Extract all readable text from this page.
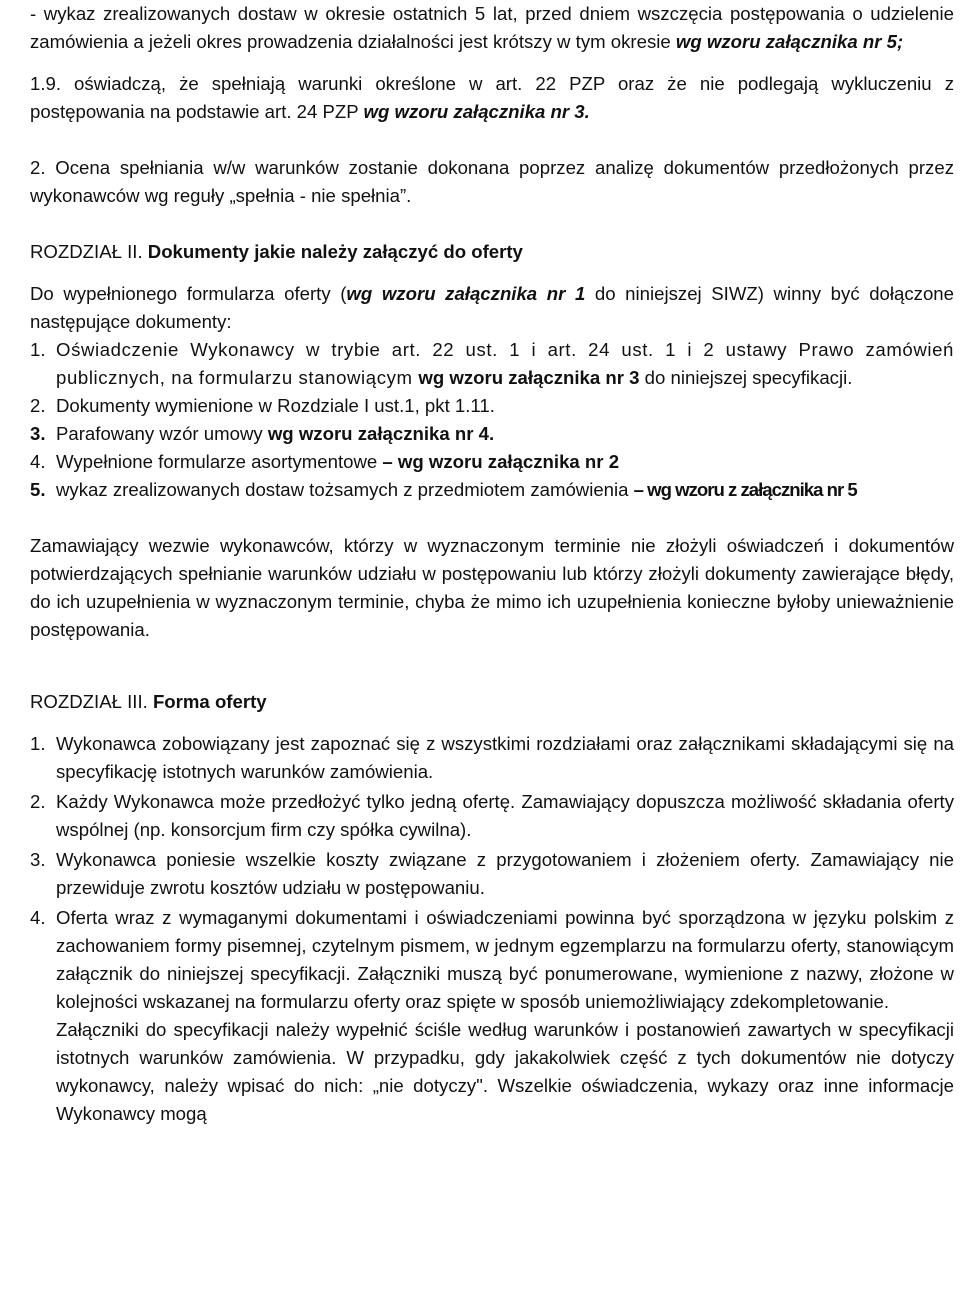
- wykaz zrealizowanych dostaw w okresie ostatnich 5 lat, przed dniem wszczęcia postępowania o udzielenie zamówienia a jeżeli okres prowadzenia działalności jest krótszy w tym okresie wg wzoru załącznika nr 5;

1.9. oświadczą, że spełniają warunki określone w art. 22 PZP oraz że nie podlegają wykluczeniu z postępowania na podstawie art. 24 PZP wg wzoru załącznika nr 3.

2. Ocena spełniania w/w warunków zostanie dokonana poprzez analizę dokumentów przedłożonych przez wykonawców wg reguły „spełnia - nie spełnia”.

ROZDZIAŁ II. Dokumenty jakie należy załączyć do oferty

Do wypełnionego formularza oferty (wg wzoru załącznika nr 1 do niniejszej SIWZ) winny być dołączone następujące dokumenty:

1. Oświadczenie Wykonawcy w trybie art. 22 ust. 1 i art. 24 ust. 1 i 2 ustawy Prawo zamówień publicznych, na formularzu stanowiącym wg wzoru załącznika nr 3 do niniejszej specyfikacji.
2. Dokumenty wymienione w Rozdziale I ust.1, pkt 1.11.
3. Parafowany wzór umowy wg wzoru załącznika nr 4.
4. Wypełnione formularze asortymentowe – wg wzoru załącznika nr 2
5. wykaz zrealizowanych dostaw tożsamych z przedmiotem zamówienia – wg wzoru z załącznika nr 5

Zamawiający wezwie wykonawców, którzy w wyznaczonym terminie nie złożyli oświadczeń i dokumentów potwierdzających spełnianie warunków udziału w postępowaniu lub którzy złożyli dokumenty zawierające błędy, do ich uzupełnienia w wyznaczonym terminie, chyba że mimo ich uzupełnienia konieczne byłoby unieważnienie postępowania.

ROZDZIAŁ III. Forma oferty

1. Wykonawca zobowiązany jest zapoznać się z wszystkimi rozdziałami oraz załącznikami składającymi się na specyfikację istotnych warunków zamówienia.
2. Każdy Wykonawca może przedłożyć tylko jedną ofertę. Zamawiający dopuszcza możliwość składania oferty wspólnej (np. konsorcjum firm czy spółka cywilna).
3. Wykonawca poniesie wszelkie koszty związane z przygotowaniem i złożeniem oferty. Zamawiający nie przewiduje zwrotu kosztów udziału w postępowaniu.
4. Oferta wraz z wymaganymi dokumentami i oświadczeniami powinna być sporządzona w języku polskim z zachowaniem formy pisemnej, czytelnym pismem, w jednym egzemplarzu na formularzu oferty, stanowiącym załącznik do niniejszej specyfikacji. Załączniki muszą być ponumerowane, wymienione z nazwy, złożone w kolejności wskazanej na formularzu oferty oraz spięte w sposób uniemożliwiający zdekompletowanie.
Załączniki do specyfikacji należy wypełnić ściśle według warunków i postanowień zawartych w specyfikacji istotnych warunków zamówienia. W przypadku, gdy jakakolwiek część z tych dokumentów nie dotyczy wykonawcy, należy wpisać do nich: „nie dotyczy". Wszelkie oświadczenia, wykazy oraz inne informacje Wykonawcy mogą
